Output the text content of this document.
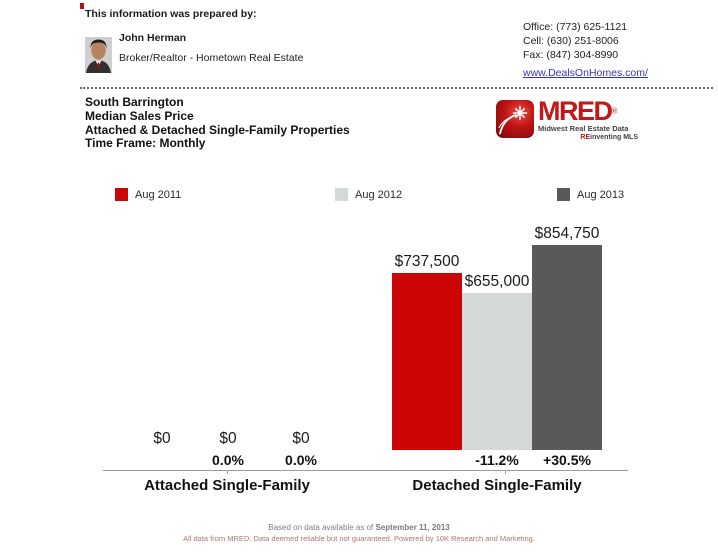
This information was prepared by:
John Herman
Broker/Realtor - Hometown Real Estate
Office: (773) 625-1121
Cell: (630) 251-8006
Fax: (847) 304-8990
www.DealsOnHomes.com/
South Barrington
Median Sales Price
Attached & Detached Single-Family Properties
Time Frame: Monthly
MRED®
Midwest Real Estate Data
REinventing MLS
Aug 2011	Aug 2012	Aug 2013
$0	$0	$0
$737,500
$655,000
$854,750
0.0%	0.0%	-11.2%	+30.5%
Attached Single-Family	Detached Single-Family
Based on data available as of September 11, 2013
All data from MRED. Data deemed reliable but not guaranteed. Powered by 10K Research and Marketing.
